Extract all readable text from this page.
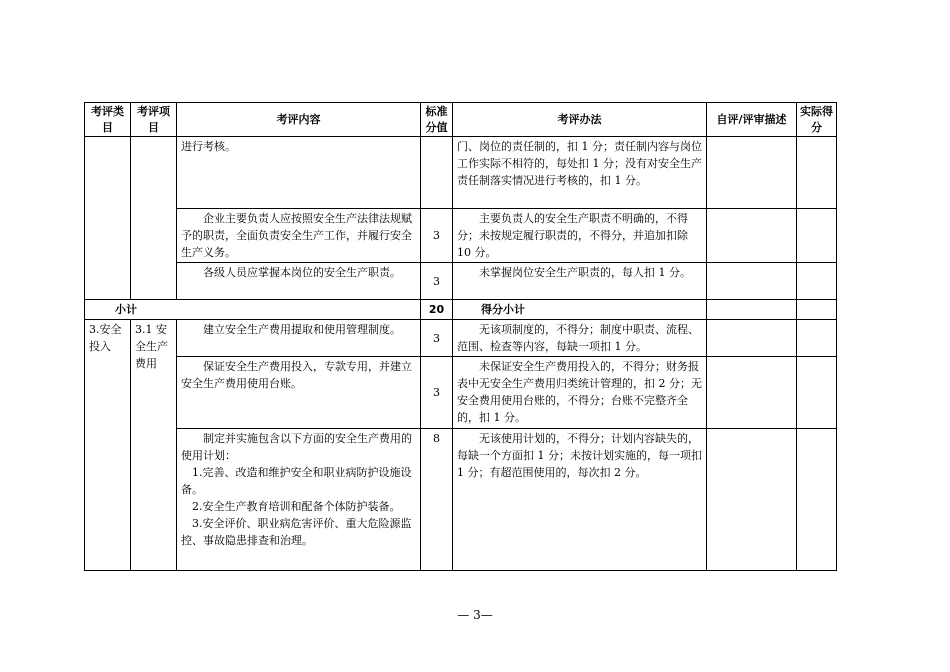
考评类目	考评项目	考评内容	标准分值	考评办法	自评/评审描述	实际得分
		进行考核。		门、岗位的责任制的，扣 1 分；责任制内容与岗位工作实际不相符的，每处扣 1 分；没有对安全生产责任制落实情况进行考核的，扣 1 分。		

		企业主要负责人应按照安全生产法律法规赋予的职责，全面负责安全生产工作，并履行安全生产义务。	3	主要负责人的安全生产职责不明确的，不得分；未按规定履行职责的，不得分，并追加扣除 10 分。		

		各级人员应掌握本岗位的安全生产职责。	3	未掌握岗位安全生产职责的，每人扣 1 分。		

小计			20	得分小计		
3.安全投入	3.1 安全生产费用	建立安全生产费用提取和使用管理制度。	3	无该项制度的，不得分；制度中职责、流程、范围、检查等内容，每缺一项扣 1 分。		

		保证安全生产费用投入，专款专用，并建立安全生产费用使用台账。	3	未保证安全生产费用投入的，不得分；财务报表中无安全生产费用归类统计管理的，扣 2 分；无安全费用使用台账的，不得分；台账不完整齐全的，扣 1 分。		

		制定并实施包含以下方面的安全生产费用的使用计划：
1.完善、改造和维护安全和职业病防护设施设备。
2.安全生产教育培训和配备个体防护装备。
3.安全评价、职业病危害评价、重大危险源监控、事故隐患排查和治理。	8	无该使用计划的，不得分；计划内容缺失的，每缺一个方面扣 1 分；未按计划实施的，每一项扣 1 分；有超范围使用的，每次扣 2 分。		

— 3—
